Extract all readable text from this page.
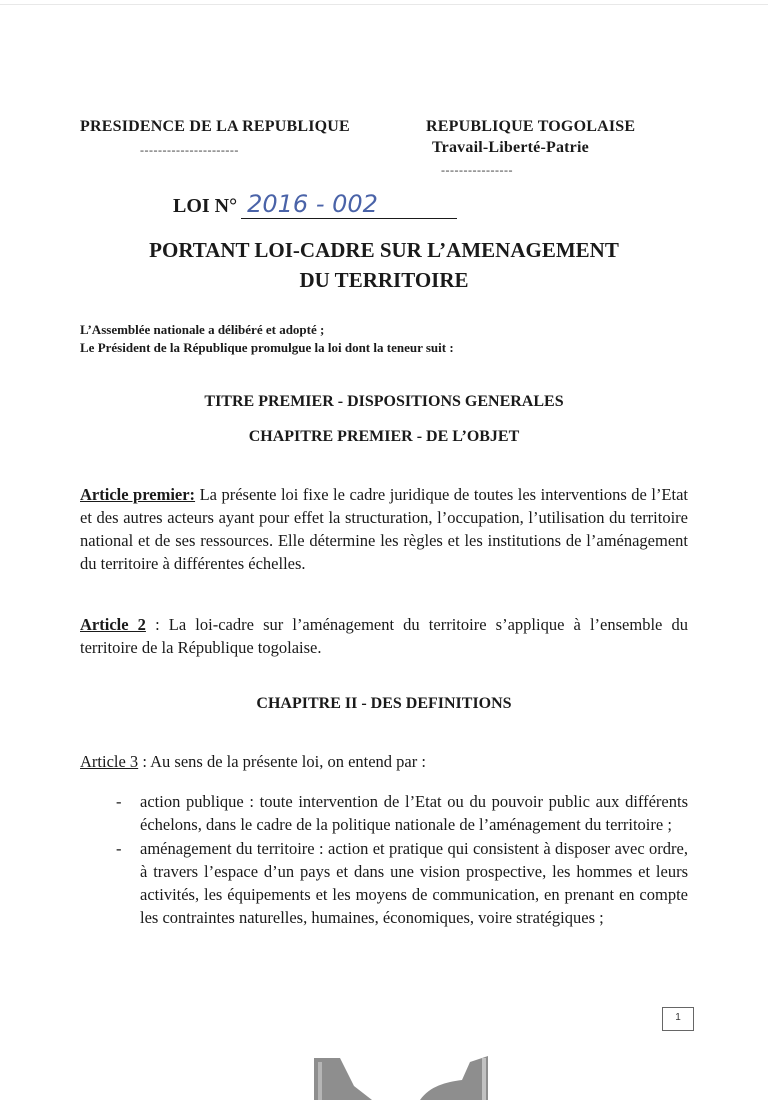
PRESIDENCE DE LA REPUBLIQUE
----------------------
REPUBLIQUE TOGOLAISE
Travail-Liberté-Patrie
----------------
LOI N° 2016 - 002
PORTANT LOI-CADRE SUR L’AMENAGEMENT
DU TERRITOIRE
L’Assemblée nationale a délibéré et adopté ;
Le Président de la République promulgue la loi dont la teneur suit :
TITRE PREMIER - DISPOSITIONS GENERALES
CHAPITRE PREMIER - DE L’OBJET
Article premier: La présente loi fixe le cadre juridique de toutes les interventions de l’Etat et des autres acteurs ayant pour effet la structuration, l’occupation, l’utilisation du territoire national et de ses ressources. Elle détermine les règles et les institutions de l’aménagement du territoire à différentes échelles.
Article 2 : La loi-cadre sur l’aménagement du territoire s’applique à l’ensemble du territoire de la République togolaise.
CHAPITRE II - DES DEFINITIONS
Article 3 : Au sens de la présente loi, on entend par :
- action publique : toute intervention de l’Etat ou du pouvoir public aux différents échelons, dans le cadre de la politique nationale de l’aménagement du territoire ;
- aménagement du territoire : action et pratique qui consistent à disposer avec ordre, à travers l’espace d’un pays et dans une vision prospective, les hommes et leurs activités, les équipements et les moyens de communication, en prenant en compte les contraintes naturelles, humaines, économiques, voire stratégiques ;
1
